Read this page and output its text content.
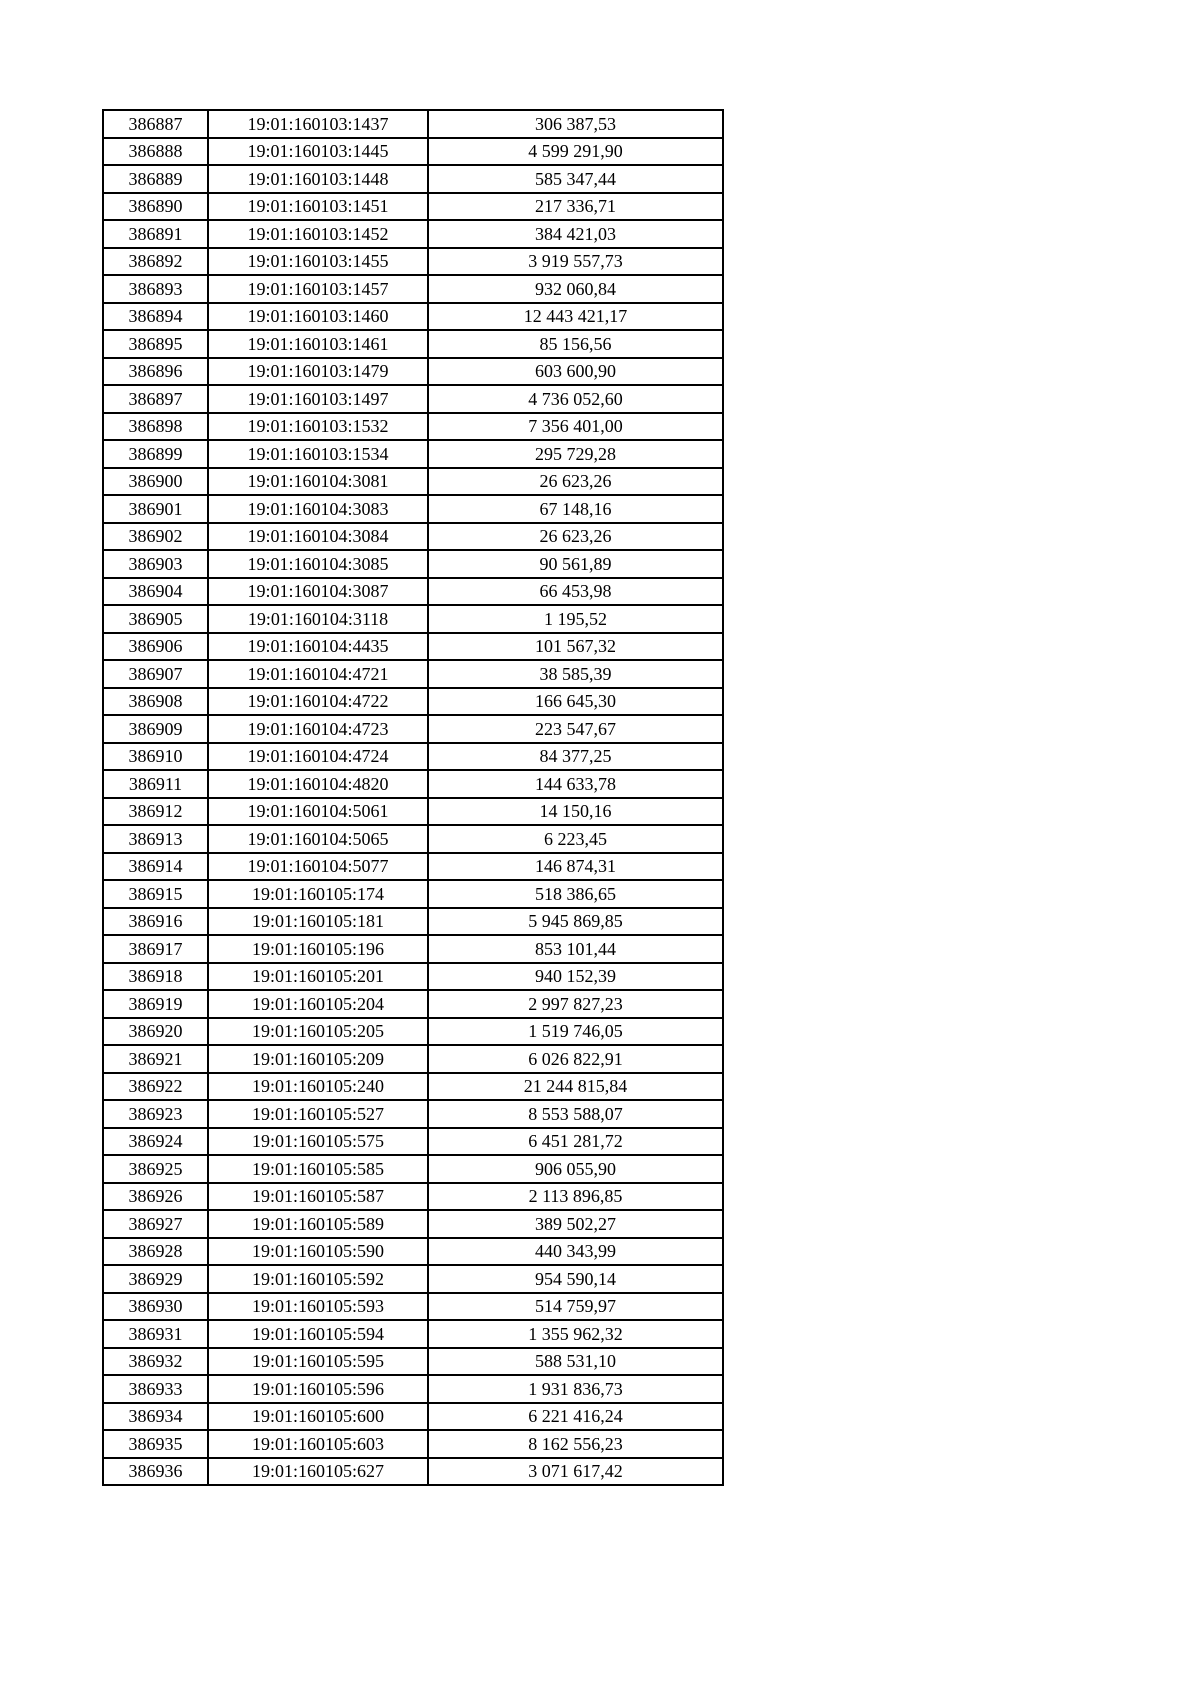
386887	19:01:160103:1437	306 387,53
386888	19:01:160103:1445	4 599 291,90
386889	19:01:160103:1448	585 347,44
386890	19:01:160103:1451	217 336,71
386891	19:01:160103:1452	384 421,03
386892	19:01:160103:1455	3 919 557,73
386893	19:01:160103:1457	932 060,84
386894	19:01:160103:1460	12 443 421,17
386895	19:01:160103:1461	85 156,56
386896	19:01:160103:1479	603 600,90
386897	19:01:160103:1497	4 736 052,60
386898	19:01:160103:1532	7 356 401,00
386899	19:01:160103:1534	295 729,28
386900	19:01:160104:3081	26 623,26
386901	19:01:160104:3083	67 148,16
386902	19:01:160104:3084	26 623,26
386903	19:01:160104:3085	90 561,89
386904	19:01:160104:3087	66 453,98
386905	19:01:160104:3118	1 195,52
386906	19:01:160104:4435	101 567,32
386907	19:01:160104:4721	38 585,39
386908	19:01:160104:4722	166 645,30
386909	19:01:160104:4723	223 547,67
386910	19:01:160104:4724	84 377,25
386911	19:01:160104:4820	144 633,78
386912	19:01:160104:5061	14 150,16
386913	19:01:160104:5065	6 223,45
386914	19:01:160104:5077	146 874,31
386915	19:01:160105:174	518 386,65
386916	19:01:160105:181	5 945 869,85
386917	19:01:160105:196	853 101,44
386918	19:01:160105:201	940 152,39
386919	19:01:160105:204	2 997 827,23
386920	19:01:160105:205	1 519 746,05
386921	19:01:160105:209	6 026 822,91
386922	19:01:160105:240	21 244 815,84
386923	19:01:160105:527	8 553 588,07
386924	19:01:160105:575	6 451 281,72
386925	19:01:160105:585	906 055,90
386926	19:01:160105:587	2 113 896,85
386927	19:01:160105:589	389 502,27
386928	19:01:160105:590	440 343,99
386929	19:01:160105:592	954 590,14
386930	19:01:160105:593	514 759,97
386931	19:01:160105:594	1 355 962,32
386932	19:01:160105:595	588 531,10
386933	19:01:160105:596	1 931 836,73
386934	19:01:160105:600	6 221 416,24
386935	19:01:160105:603	8 162 556,23
386936	19:01:160105:627	3 071 617,42
